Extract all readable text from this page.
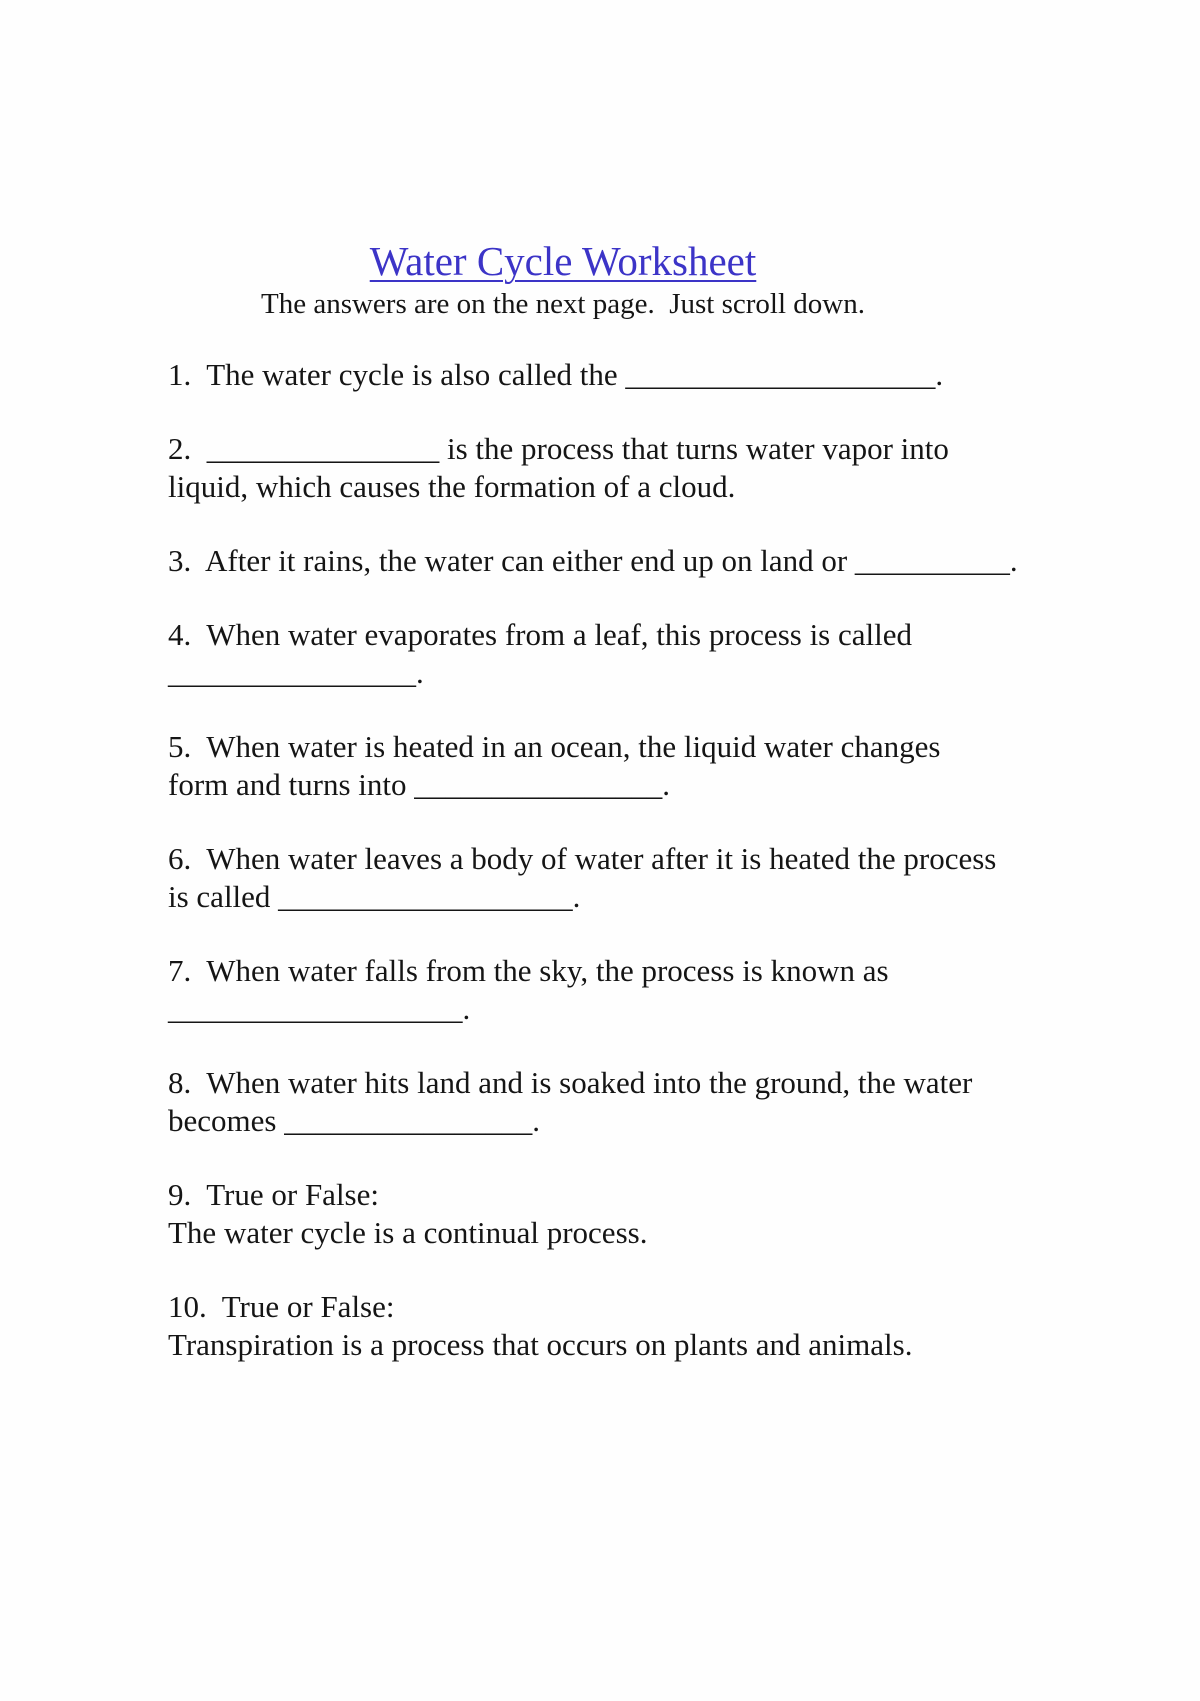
Water Cycle Worksheet
The answers are on the next page.  Just scroll down.
1.  The water cycle is also called the ____________________.
2.  _______________ is the process that turns water vapor into
liquid, which causes the formation of a cloud.
3.  After it rains, the water can either end up on land or __________.
4.  When water evaporates from a leaf, this process is called
________________.
5.  When water is heated in an ocean, the liquid water changes
form and turns into ________________.
6.  When water leaves a body of water after it is heated the process
is called ___________________.
7.  When water falls from the sky, the process is known as
___________________.
8.  When water hits land and is soaked into the ground, the water
becomes ________________.
9.  True or False:
The water cycle is a continual process.
10.  True or False:
Transpiration is a process that occurs on plants and animals.
